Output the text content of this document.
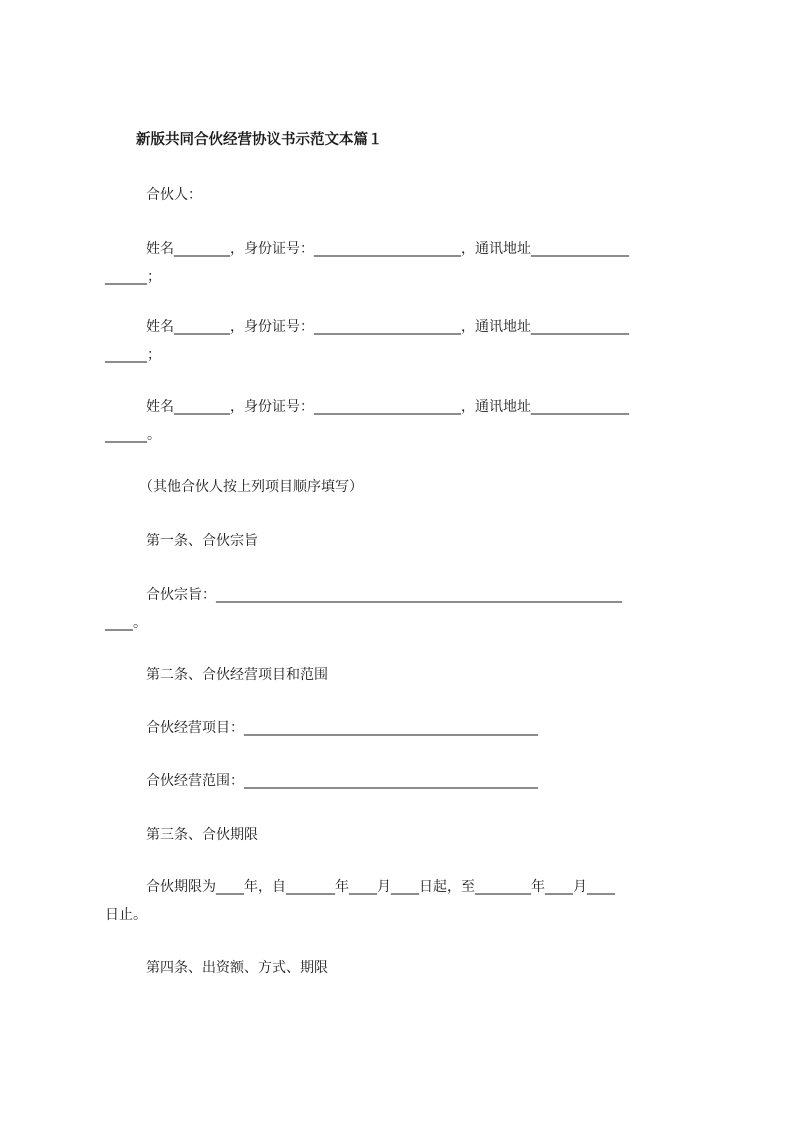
新版共同合伙经营协议书示范文本篇１
合伙人：
姓名________，身份证号：_____________________，通讯地址______________
______；
姓名________，身份证号：_____________________，通讯地址______________
______；
姓名________，身份证号：_____________________，通讯地址______________
______。
（其他合伙人按上列项目顺序填写）
第一条、合伙宗旨
合伙宗旨：__________________________________________________________
____。
第二条、合伙经营项目和范围
合伙经营项目：__________________________________________
合伙经营范围：__________________________________________
第三条、合伙期限
合伙期限为____年，自_______年____月____日起，至________年____月____
日止。
第四条、出资额、方式、期限
